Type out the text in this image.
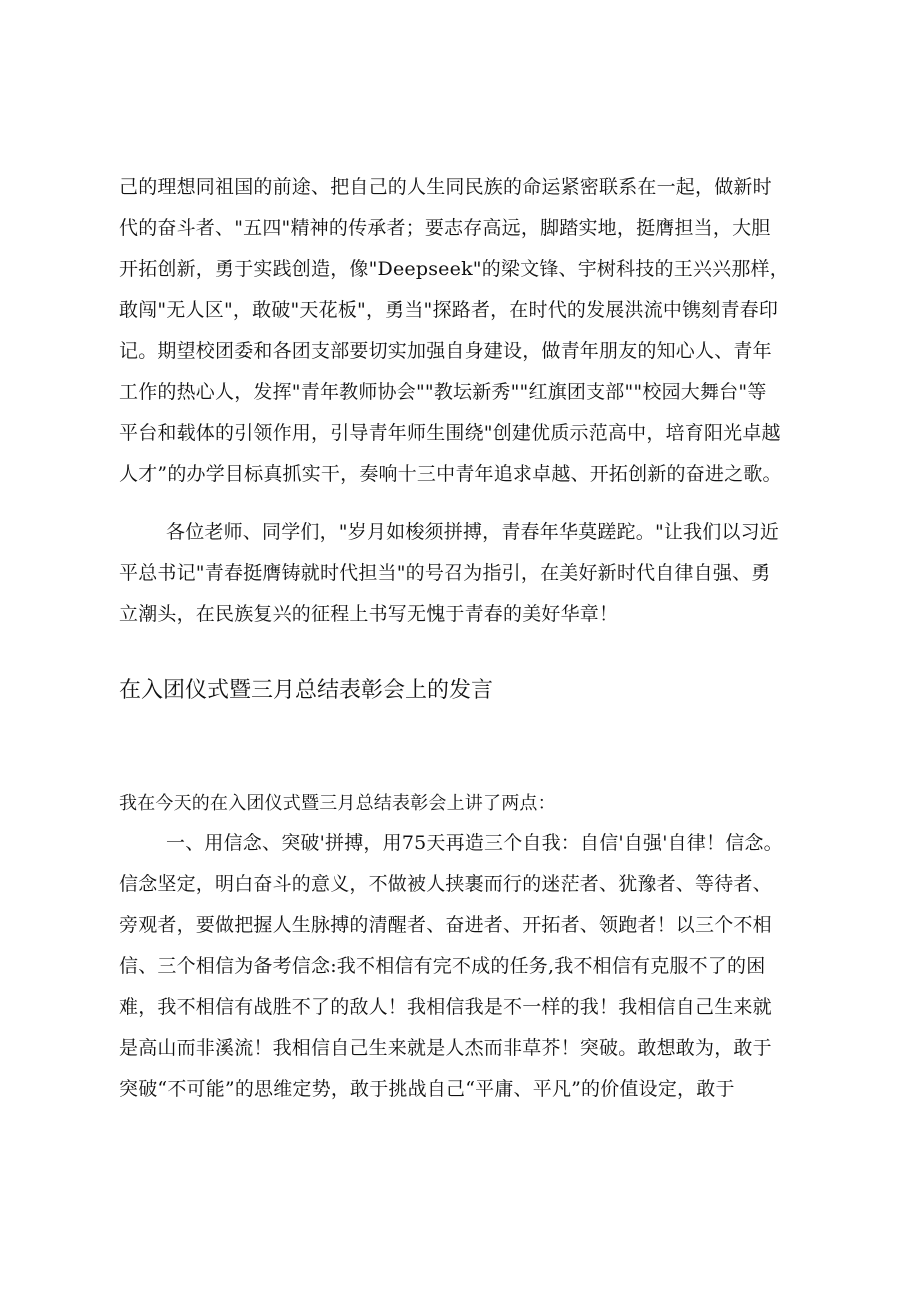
己的理想同祖国的前途、把自己的人生同民族的命运紧密联系在一起，做新时
代的奋斗者、"五四"精神的传承者；要志存高远，脚踏实地，挺膺担当，大胆
开拓创新，勇于实践创造，像"Deepseek"的梁文锋、宇树科技的王兴兴那样，
敢闯"无人区"，敢破"天花板"，勇当"探路者，在时代的发展洪流中镌刻青春印
记。期望校团委和各团支部要切实加强自身建设，做青年朋友的知心人、青年
工作的热心人，发挥"青年教师协会""教坛新秀""红旗团支部""校园大舞台"等
平台和载体的引领作用，引导青年师生围绕"创建优质示范高中，培育阳光卓越
人才”的办学目标真抓实干，奏响十三中青年追求卓越、开拓创新的奋进之歌。
各位老师、同学们，"岁月如梭须拼搏，青春年华莫蹉跎。"让我们以习近
平总书记"青春挺膺铸就时代担当"的号召为指引，在美好新时代自律自强、勇
立潮头，在民族复兴的征程上书写无愧于青春的美好华章！
在入团仪式暨三月总结表彰会上的发言
我在今天的在入团仪式暨三月总结表彰会上讲了两点：
一、用信念、突破'拼搏，用75天再造三个自我：自信'自强'自律！信念。
信念坚定，明白奋斗的意义，不做被人挟裹而行的迷茫者、犹豫者、等待者、
旁观者，要做把握人生脉搏的清醒者、奋进者、开拓者、领跑者！以三个不相
信、三个相信为备考信念:我不相信有完不成的任务,我不相信有克服不了的困
难，我不相信有战胜不了的敌人！我相信我是不一样的我！我相信自己生来就
是高山而非溪流！我相信自己生来就是人杰而非草芥！突破。敢想敢为，敢于
突破“不可能”的思维定势，敢于挑战自己“平庸、平凡”的价值设定，敢于
